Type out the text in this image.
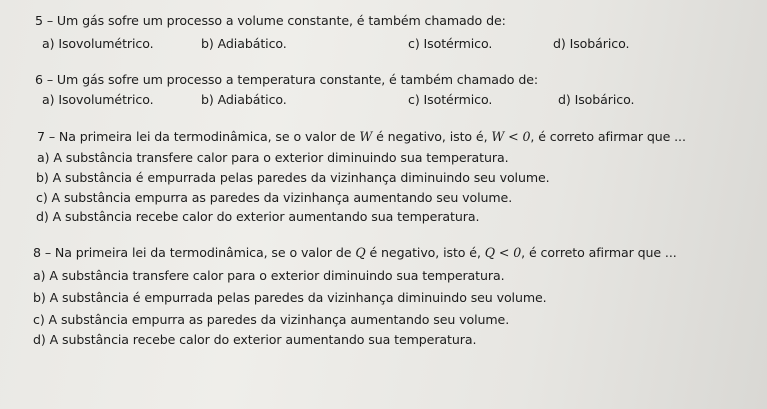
5 – Um gás sofre um processo a volume constante, é também chamado de:
a) Isovolumétrico.	b) Adiabático.	c) Isotérmico.	d) Isobárico.
6 – Um gás sofre um processo a temperatura constante, é também chamado de:
a) Isovolumétrico.	b) Adiabático.	c) Isotérmico.	d) Isobárico.
7 – Na primeira lei da termodinâmica, se o valor de W é negativo, isto é, W < 0, é correto afirmar que ...
a) A substância transfere calor para o exterior diminuindo sua temperatura.
b) A substância é empurrada pelas paredes da vizinhança diminuindo seu volume.
c) A substância empurra as paredes da vizinhança aumentando seu volume.
d) A substância recebe calor do exterior aumentando sua temperatura.
8 – Na primeira lei da termodinâmica, se o valor de Q é negativo, isto é, Q < 0, é correto afirmar que ...
a) A substância transfere calor para o exterior diminuindo sua temperatura.
b) A substância é empurrada pelas paredes da vizinhança diminuindo seu volume.
c) A substância empurra as paredes da vizinhança aumentando seu volume.
d) A substância recebe calor do exterior aumentando sua temperatura.
